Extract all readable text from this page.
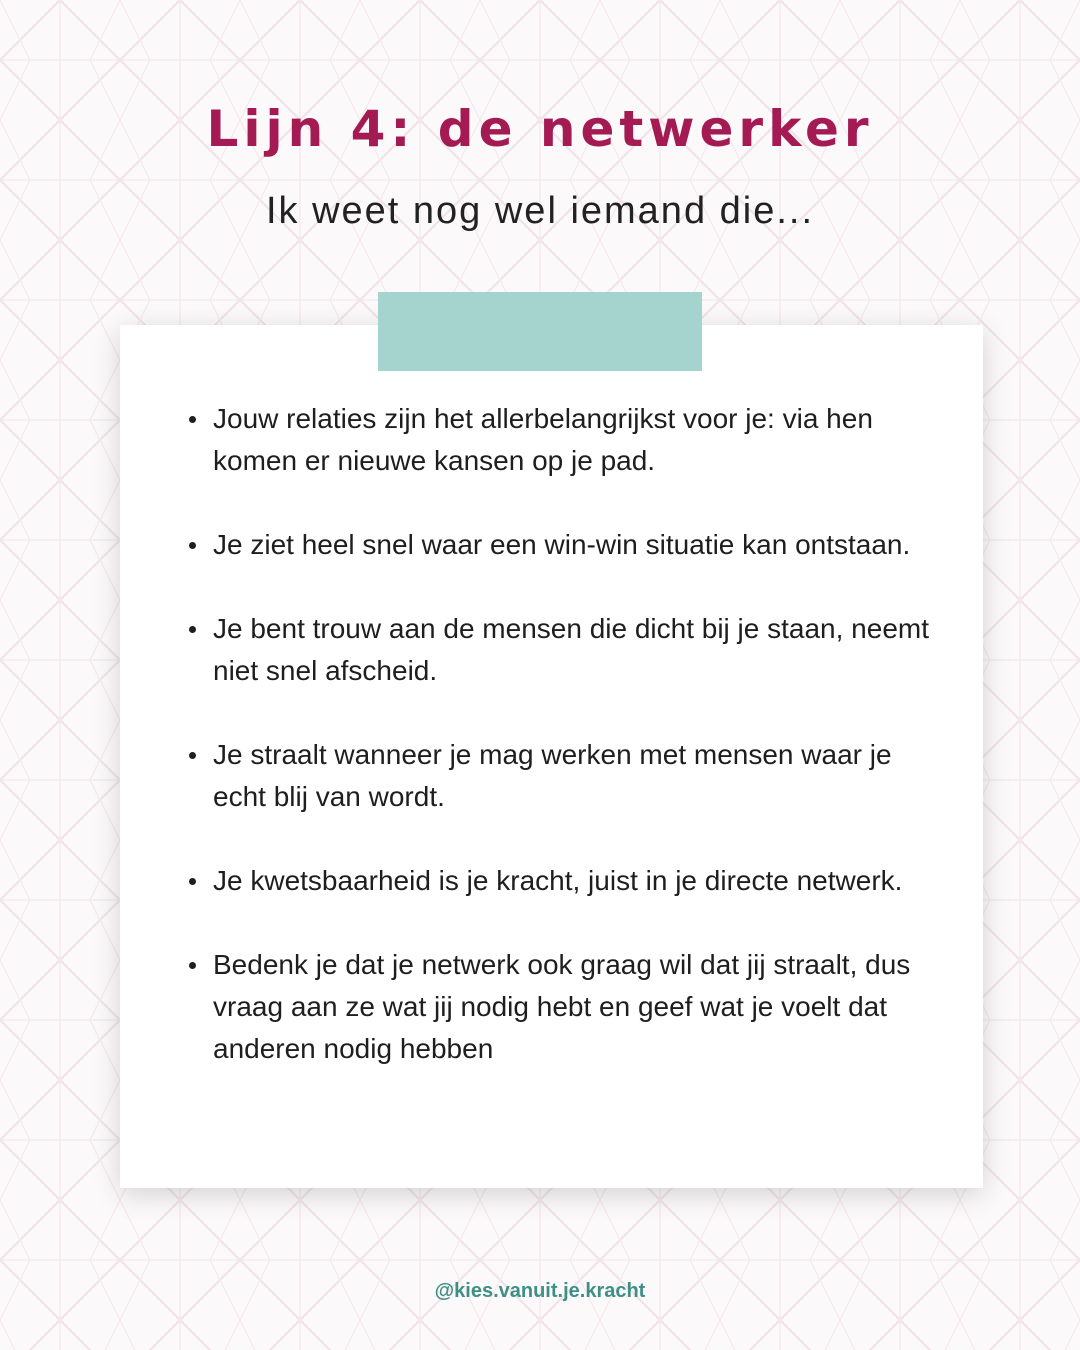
Lijn 4: de netwerker

Ik weet nog wel iemand die...

Jouw relaties zijn het allerbelangrijkst voor je: via hen komen er nieuwe kansen op je pad.
Je ziet heel snel waar een win-win situatie kan ontstaan.
Je bent trouw aan de mensen die dicht bij je staan, neemt niet snel afscheid.
Je straalt wanneer je mag werken met mensen waar je echt blij van wordt.
Je kwetsbaarheid is je kracht, juist in je directe netwerk.
Bedenk je dat je netwerk ook graag wil dat jij straalt, dus vraag aan ze wat jij nodig hebt en geef wat je voelt dat anderen nodig hebben
@kies.vanuit.je.kracht
